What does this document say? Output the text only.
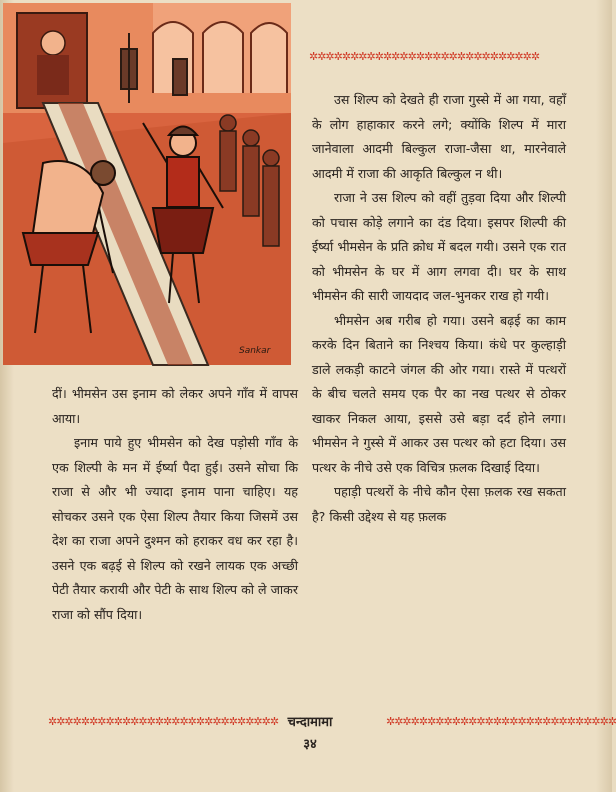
Sankar
✲✲✲✲✲✲✲✲✲✲✲✲✲✲✲✲✲✲✲✲✲✲✲✲✲✲✲✲

उस शिल्प को देखते ही राजा गुस्से में आ गया, वहाँ के लोग हाहाकार करने लगे; क्योंकि शिल्प में मारा जानेवाला आदमी बिल्कुल राजा-जैसा था, मारनेवाले आदमी में राजा की आकृति बिल्कुल न थी।

राजा ने उस शिल्प को वहीं तुड़वा दिया और शिल्पी को पचास कोड़े लगाने का दंड दिया। इसपर शिल्पी की ईर्ष्या भीमसेन के प्रति क्रोध में बदल गयी। उसने एक रात को भीमसेन के घर में आग लगवा दी। घर के साथ भीमसेन की सारी जायदाद जल-भुनकर राख हो गयी।

भीमसेन अब गरीब हो गया। उसने बढ़ई का काम करके दिन बिताने का निश्चय किया। कंधे पर कुल्हाड़ी डाले लकड़ी काटने जंगल की ओर गया। रास्ते में पत्थरों के बीच चलते समय एक पैर का नख पत्थर से ठोकर खाकर निकल आया, इससे उसे बड़ा दर्द होने लगा। भीमसेन ने गुस्से में आकर उस पत्थर को हटा दिया। उस पत्थर के नीचे उसे एक विचित्र फ़लक दिखाई दिया।

पहाड़ी पत्थरों के नीचे कौन ऐसा फ़लक रख सकता है? किसी उद्देश्य से यह फ़लक

दीं। भीमसेन उस इनाम को लेकर अपने गाँव में वापस आया।

इनाम पाये हुए भीमसेन को देख पड़ोसी गाँव के एक शिल्पी के मन में ईर्ष्या पैदा हुई। उसने सोचा कि राजा से और भी ज्यादा इनाम पाना चाहिए। यह सोचकर उसने एक ऐसा शिल्प तैयार किया जिसमें उस देश का राजा अपने दुश्मन को हराकर वध कर रहा है। उसने एक बढ़ई से शिल्प को रखने लायक एक अच्छी पेटी तैयार करायी और पेटी के साथ शिल्प को ले जाकर राजा को सौंप दिया।

✲✲✲✲✲✲✲✲✲✲✲✲✲✲✲✲✲✲✲✲✲✲✲✲✲✲✲✲ चन्दामामा	✲✲✲✲✲✲✲✲✲✲✲✲✲✲✲✲✲✲✲✲✲✲✲✲✲✲✲✲
३४
